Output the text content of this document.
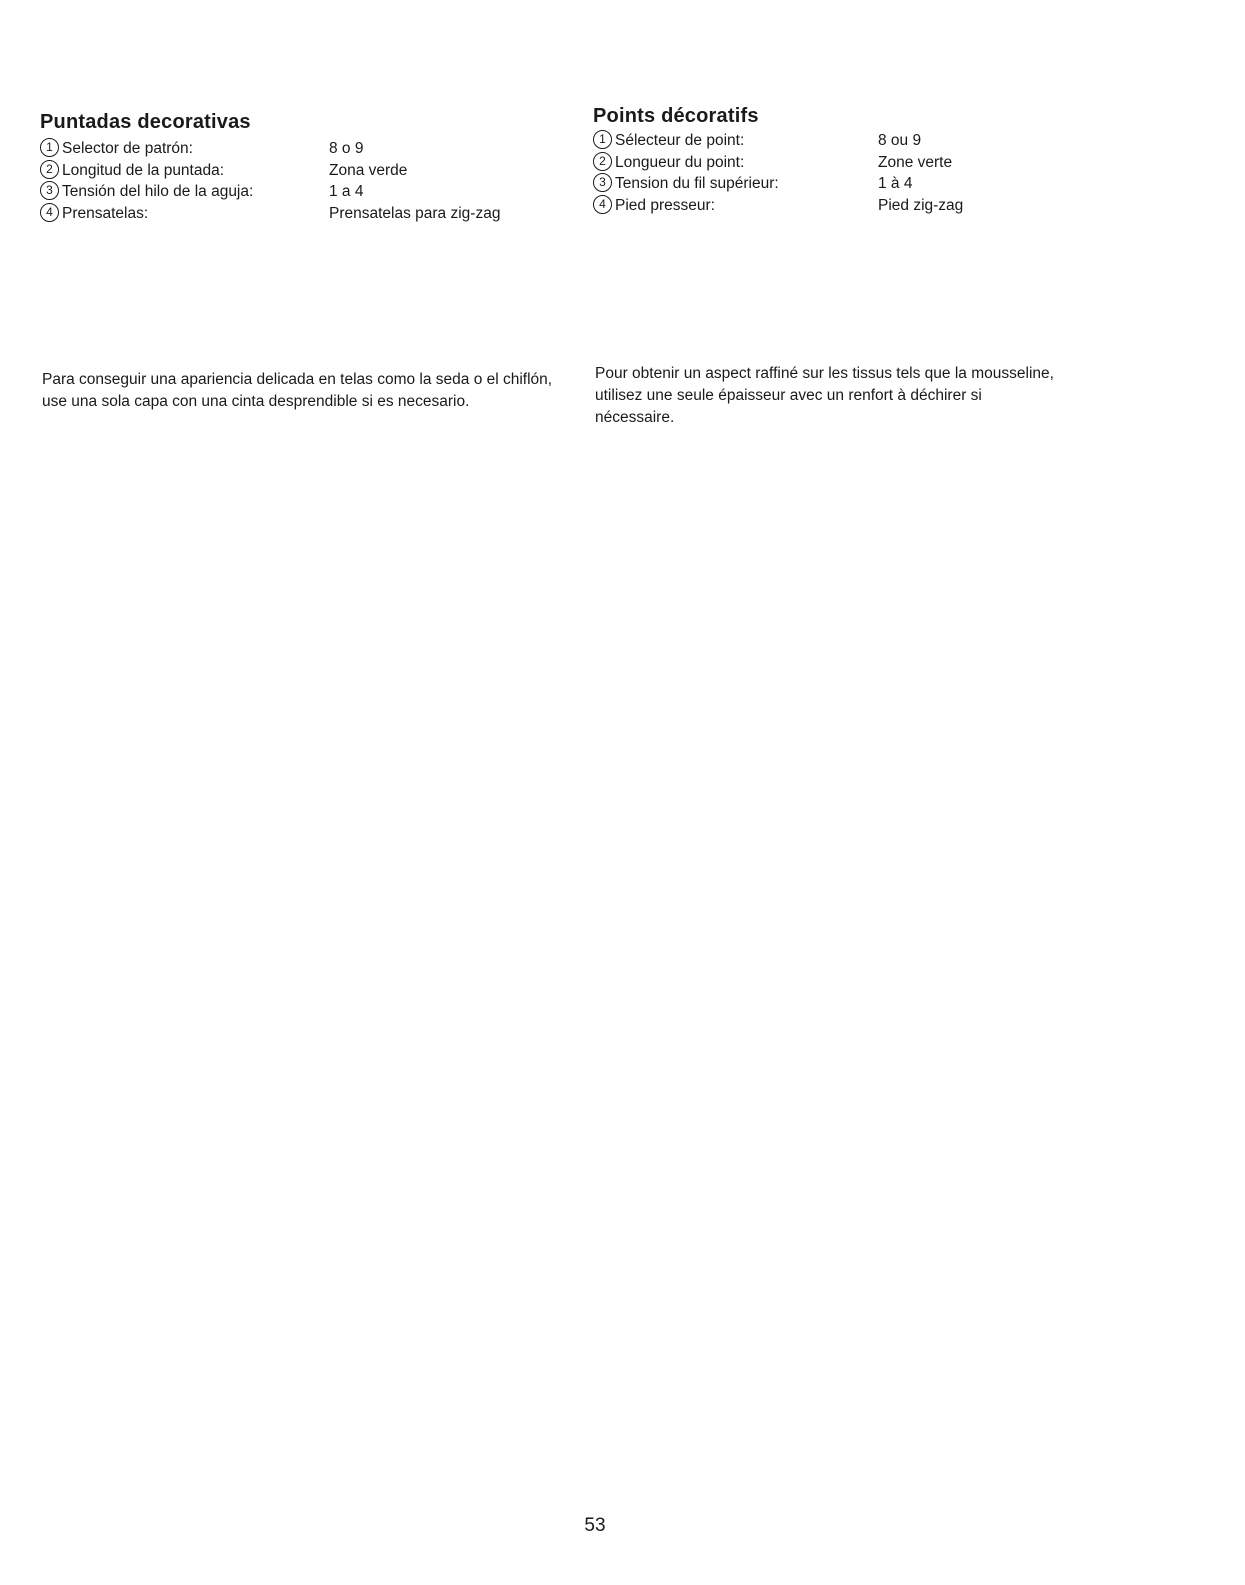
Puntadas decorativas
1 Selector de patrón:	8 o 9
2 Longitud de la puntada:	Zona verde
3 Tensión del hilo de la aguja:	1 a 4
4 Prensatelas:	Prensatelas para zig-zag

Para conseguir una apariencia delicada en telas como la seda o el chiflón, use una sola capa con una cinta desprendible si es necesario.

Points décoratifs
1 Sélecteur de point:	8 ou 9
2 Longueur du point:	Zone verte
3 Tension du fil supérieur:	1 à 4
4 Pied presseur:	Pied zig-zag

Pour obtenir un aspect raffiné sur les tissus tels que la mousseline, utilisez une seule épaisseur avec un renfort à déchirer si nécessaire.

53
